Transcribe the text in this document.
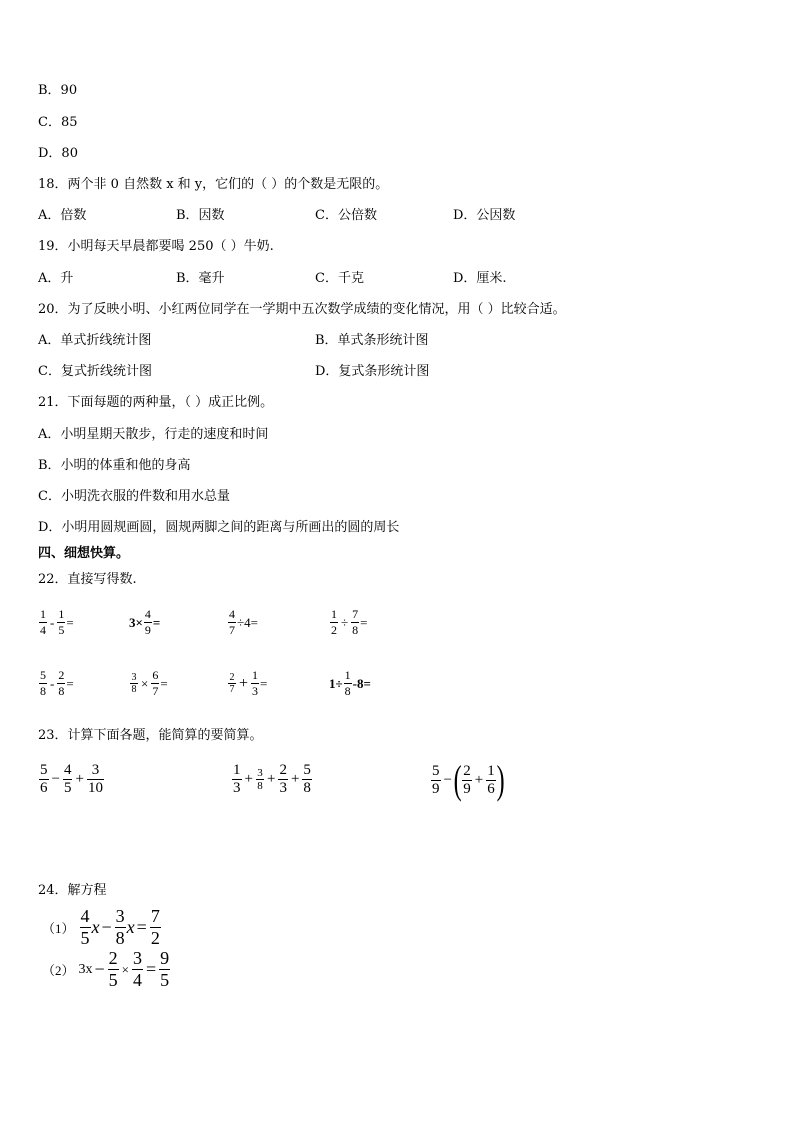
B．90
C．85
D．80
18．两个非 0 自然数 x 和 y，它们的（ ）的个数是无限的。
A．倍数	B．因数	C．公倍数	D．公因数
19．小明每天早晨都要喝 250（ ）牛奶.
A．升	B．毫升	C．千克	D．厘米.
20．为了反映小明、小红两位同学在一学期中五次数学成绩的变化情况，用（ ）比较合适。
A．单式折线统计图	B．单式条形统计图
C．复式折线统计图	D．复式条形统计图
21．下面每题的两种量，（ ）成正比例。
A．小明星期天散步，行走的速度和时间
B．小明的体重和他的身高
C．小明洗衣服的件数和用水总量
D．小明用圆规画圆，圆规两脚之间的距离与所画出的圆的周长
四、细想快算。
22．直接写得数.
$\frac{1}{4} - \frac{1}{5}$ =	$3\times \frac{4}{9}$ =	$\frac{4}{7} \div 4=$	$\frac{1}{2} \div \frac{7}{8}$ =
$\frac{5}{8} - \frac{2}{8}$ =	$\frac{3}{8} \times \frac{6}{7}$ =	$\frac{2}{7} + \frac{1}{3}$ =	$1\div \frac{1}{8} -8=$
23．计算下面各题，能简算的要简算。
$\frac{5}{6} - \frac{4}{5} + \frac{3}{10}$	$\frac{1}{3} + \frac{3}{8} + \frac{2}{3} + \frac{5}{8}$	$\frac{5}{9}$ − ( $\frac{2}{9} + \frac{1}{6}$ )
24．解方程
$(1) \frac{4}{5}$ $x - \frac{3}{8}$ $x = \frac{7}{2}$
（2） $3x - \frac{2}{5} \times \frac{3}{4} = \frac{9}{5}$
